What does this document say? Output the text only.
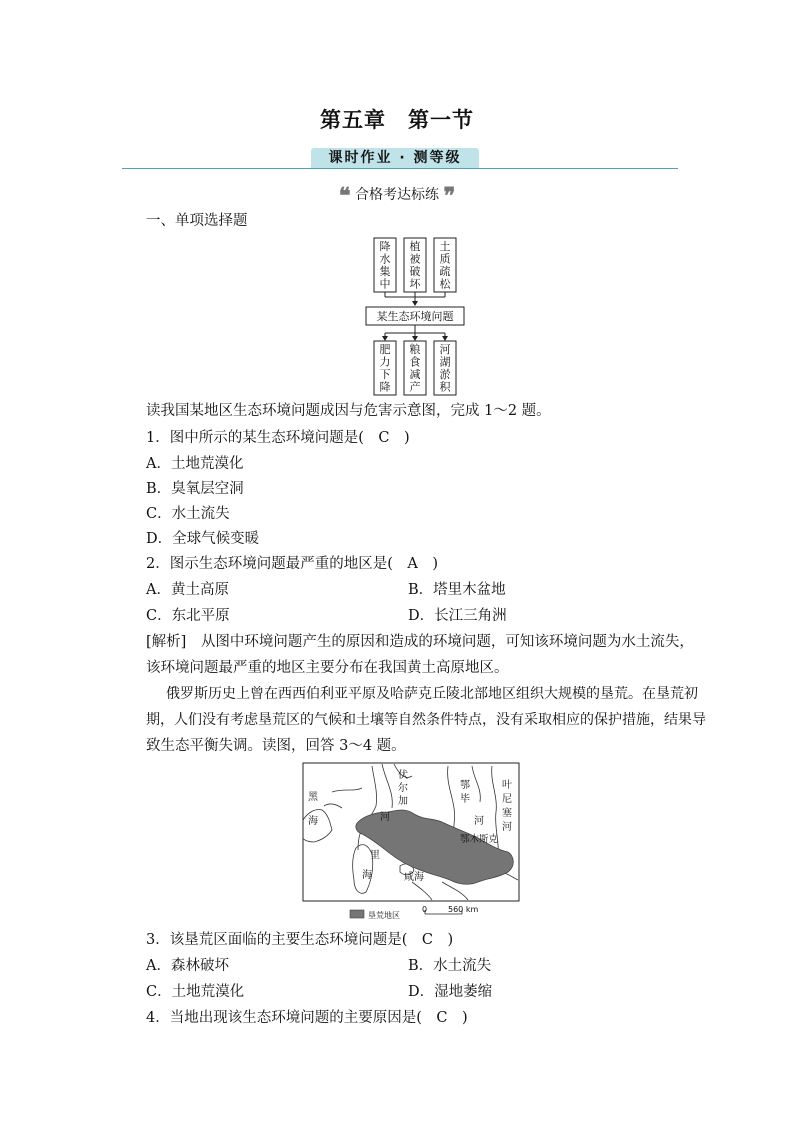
第五章　第一节
课时作业 · 测等级
❝ 合格考达标练 ❞
一、单项选择题
降水集中
植被破坏
土质疏松
某生态环境问题
肥力下降
粮食减产
河湖淤积
读我国某地区生态环境问题成因与危害示意图，完成 1～2 题。
1．图中所示的某生态环境问题是(　C　)
A．土地荒漠化
B．臭氧层空洞
C．水土流失
D．全球气候变暖
2．图示生态环境问题最严重的地区是(　A　)
A．黄土高原	B．塔里木盆地
C．东北平原	D．长江三角洲
[解析] 从图中环境问题产生的原因和造成的环境问题，可知该环境问题为水土流失，
该环境问题最严重的地区主要分布在我国黄土高原地区。
俄罗斯历史上曾在西西伯利亚平原及哈萨克丘陵北部地区组织大规模的垦荒。在垦荒初
期，人们没有考虑垦荒区的气候和土壤等自然条件特点，没有采取相应的保护措施，结果导
致生态平衡失调。读图，回答 3～4 题。
伏
尔
加
河
黑
海
里
海	咸海
鄂
毕
河
叶
尼
塞
河
鄂木斯克
垦荒地区
0	560 km
3．该垦荒区面临的主要生态环境问题是(　C　)
A．森林破坏	B．水土流失
C．土地荒漠化	D．湿地萎缩
4．当地出现该生态环境问题的主要原因是(　C　)
